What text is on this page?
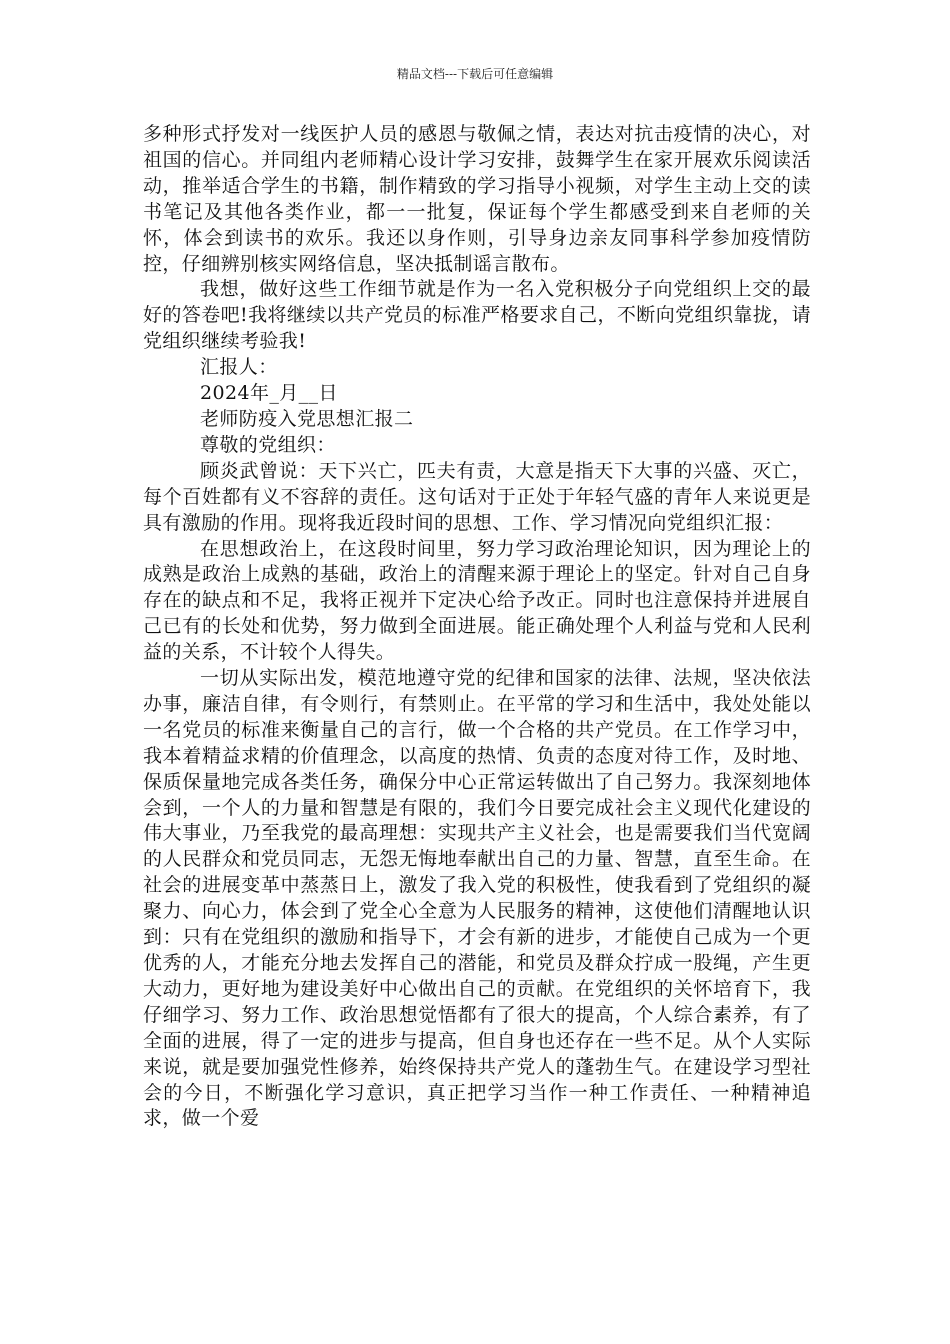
精品文档---下载后可任意编辑

多种形式抒发对一线医护人员的感恩与敬佩之情，表达对抗击疫情的决心，对祖国的信心。并同组内老师精心设计学习安排，鼓舞学生在家开展欢乐阅读活动，推举适合学生的书籍，制作精致的学习指导小视频，对学生主动上交的读书笔记及其他各类作业，都一一批复，保证每个学生都感受到来自老师的关怀，体会到读书的欢乐。我还以身作则，引导身边亲友同事科学参加疫情防控，仔细辨别核实网络信息，坚决抵制谣言散布。

我想，做好这些工作细节就是作为一名入党积极分子向党组织上交的最好的答卷吧!我将继续以共产党员的标准严格要求自己，不断向党组织靠拢，请党组织继续考验我!

汇报人：

2024年_月__日

老师防疫入党思想汇报二

尊敬的党组织：

顾炎武曾说：天下兴亡，匹夫有责，大意是指天下大事的兴盛、灭亡，每个百姓都有义不容辞的责任。这句话对于正处于年轻气盛的青年人来说更是具有激励的作用。现将我近段时间的思想、工作、学习情况向党组织汇报：

在思想政治上，在这段时间里，努力学习政治理论知识，因为理论上的成熟是政治上成熟的基础，政治上的清醒来源于理论上的坚定。针对自己自身存在的缺点和不足，我将正视并下定决心给予改正。同时也注意保持并进展自己已有的长处和优势，努力做到全面进展。能正确处理个人利益与党和人民利益的关系，不计较个人得失。

一切从实际出发，模范地遵守党的纪律和国家的法律、法规，坚决依法办事，廉洁自律，有令则行，有禁则止。在平常的学习和生活中，我处处能以一名党员的标准来衡量自己的言行，做一个合格的共产党员。在工作学习中，我本着精益求精的价值理念，以高度的热情、负责的态度对待工作，及时地、保质保量地完成各类任务，确保分中心正常运转做出了自己努力。我深刻地体会到，一个人的力量和智慧是有限的，我们今日要完成社会主义现代化建设的伟大事业，乃至我党的最高理想：实现共产主义社会，也是需要我们当代宽阔的人民群众和党员同志，无怨无悔地奉献出自己的力量、智慧，直至生命。在社会的进展变革中蒸蒸日上，激发了我入党的积极性，使我看到了党组织的凝聚力、向心力，体会到了党全心全意为人民服务的精神，这使他们清醒地认识到：只有在党组织的激励和指导下，才会有新的进步，才能使自己成为一个更优秀的人，才能充分地去发挥自己的潜能，和党员及群众拧成一股绳，产生更大动力，更好地为建设美好中心做出自己的贡献。在党组织的关怀培育下，我仔细学习、努力工作、政治思想觉悟都有了很大的提高，个人综合素养，有了全面的进展，得了一定的进步与提高，但自身也还存在一些不足。从个人实际来说，就是要加强党性修养，始终保持共产党人的蓬勃生气。在建设学习型社会的今日，不断强化学习意识，真正把学习当作一种工作责任、一种精神追求，做一个爱
